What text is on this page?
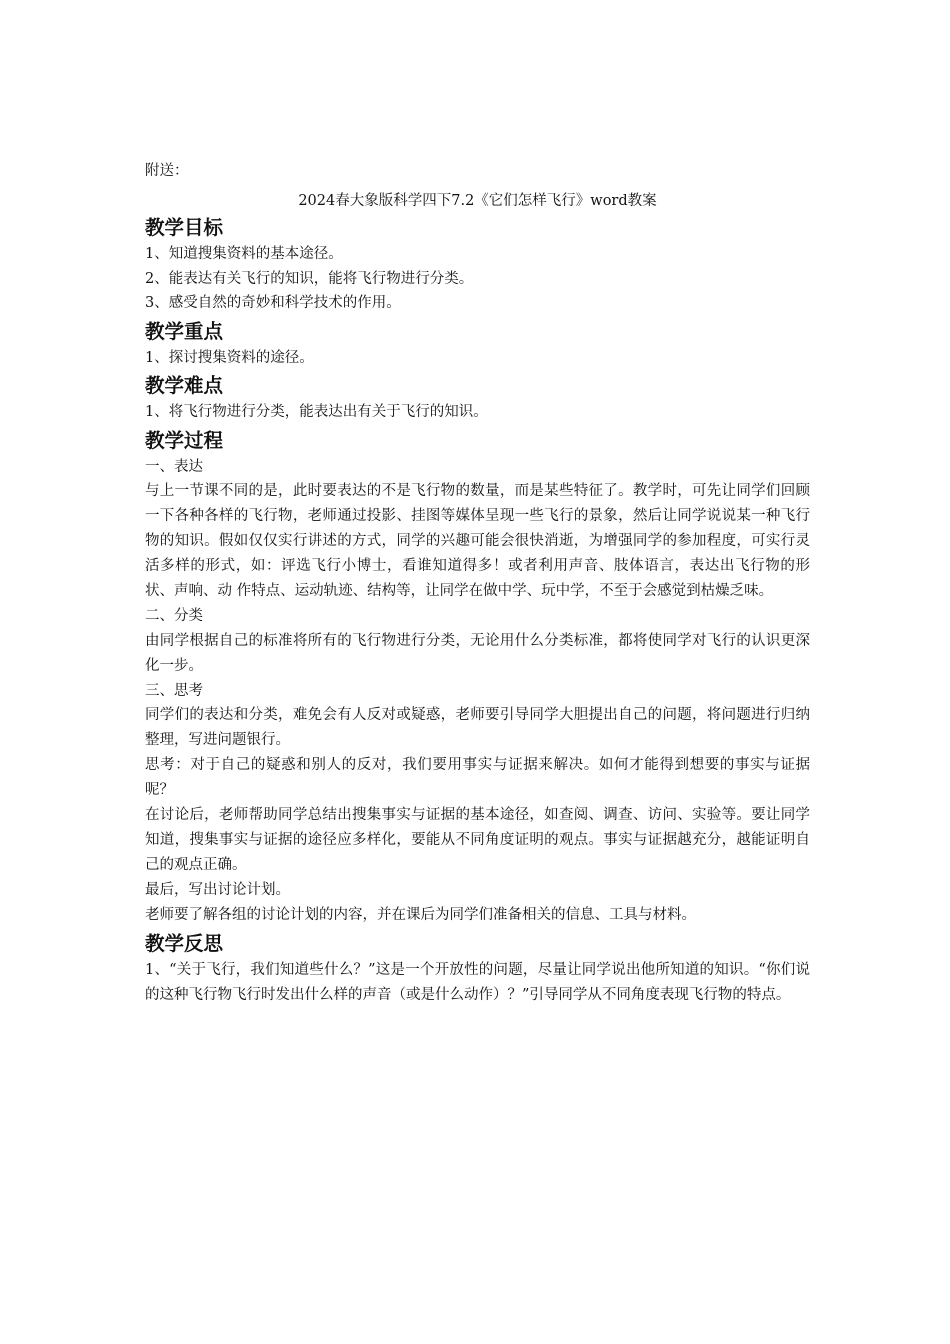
附送：

2024春大象版科学四下7.2《它们怎样飞行》word教案

教学目标

1、知道搜集资料的基本途径。

2、能表达有关飞行的知识，能将飞行物进行分类。

3、感受自然的奇妙和科学技术的作用。

教学重点

1、探讨搜集资料的途径。

教学难点

1、将飞行物进行分类，能表达出有关于飞行的知识。

教学过程

一、表达

与上一节课不同的是，此时要表达的不是飞行物的数量，而是某些特征了。教学时，可先让同学们回顾一下各种各样的飞行物，老师通过投影、挂图等媒体呈现一些飞行的景象，然后让同学说说某一种飞行物的知识。假如仅仅实行讲述的方式，同学的兴趣可能会很快消逝，为增强同学的参加程度，可实行灵活多样的形式，如：评选飞行小博士，看谁知道得多！或者利用声音、肢体语言，表达出飞行物的形状、声响、动 作特点、运动轨迹、结构等，让同学在做中学、玩中学，不至于会感觉到枯燥乏味。

二、分类

由同学根据自己的标准将所有的飞行物进行分类，无论用什么分类标准，都将使同学对飞行的认识更深化一步。

三、思考

同学们的表达和分类，难免会有人反对或疑惑，老师要引导同学大胆提出自己的问题，将问题进行归纳整理，写进问题银行。

思考：对于自己的疑惑和别人的反对，我们要用事实与证据来解决。如何才能得到想要的事实与证据呢？

在讨论后，老师帮助同学总结出搜集事实与证据的基本途径，如查阅、调查、访问、实验等。要让同学知道，搜集事实与证据的途径应多样化，要能从不同角度证明的观点。事实与证据越充分，越能证明自己的观点正确。

最后，写出讨论计划。

老师要了解各组的讨论计划的内容，并在课后为同学们准备相关的信息、工具与材料。

教学反思

1、“关于飞行，我们知道些什么？”这是一个开放性的问题，尽量让同学说出他所知道的知识。“你们说的这种飞行物飞行时发出什么样的声音（或是什么动作）？”引导同学从不同角度表现飞行物的特点。
